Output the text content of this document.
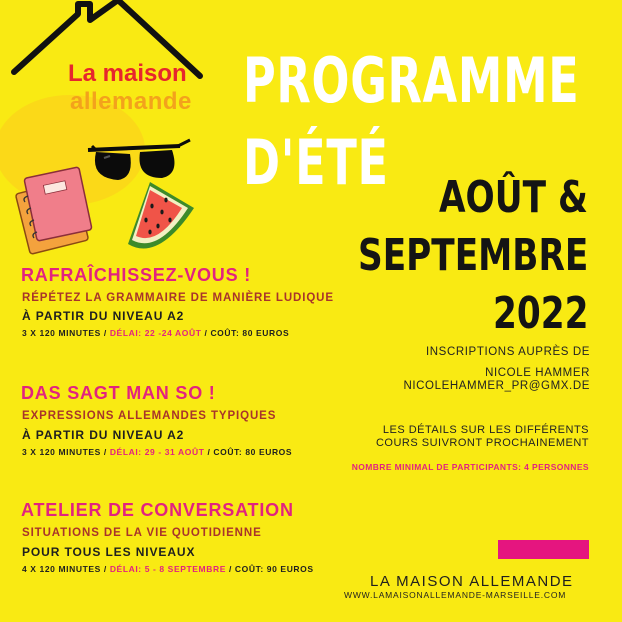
La maison
allemande PROGRAMME
D'ÉTÉ AOÛT &
SEPTEMBRE
2022
INSCRIPTIONS AUPRÈS DE
NICOLE HAMMER
NICOLEHAMMER_PR@GMX.DE
RAFRAÎCHISSEZ-VOUS !
RÉPÉTEZ LA GRAMMAIRE DE MANIÈRE LUDIQUE
À PARTIR DU NIVEAU A2
3 X 120 MINUTES / DÉLAI: 22 -24 AOÛT / COÛT: 80 EUROS
DAS SAGT MAN SO !
EXPRESSIONS ALLEMANDES TYPIQUES
À PARTIR DU NIVEAU A2
3 X 120 MINUTES / DÉLAI: 29 - 31 AOÛT / COÛT: 80 EUROS
LES DÉTAILS SUR LES DIFFÉRENTS
COURS SUIVRONT PROCHAINEMENT
NOMBRE MINIMAL DE PARTICIPANTS: 4 PERSONNES
ATELIER DE CONVERSATION
SITUATIONS DE LA VIE QUOTIDIENNE
POUR TOUS LES NIVEAUX
4 X 120 MINUTES / DÉLAI: 5 - 8 SEPTEMBRE / COÛT: 90 EUROS
LA MAISON ALLEMANDE
WWW.LAMAISONALLEMANDE-MARSEILLE.COM
